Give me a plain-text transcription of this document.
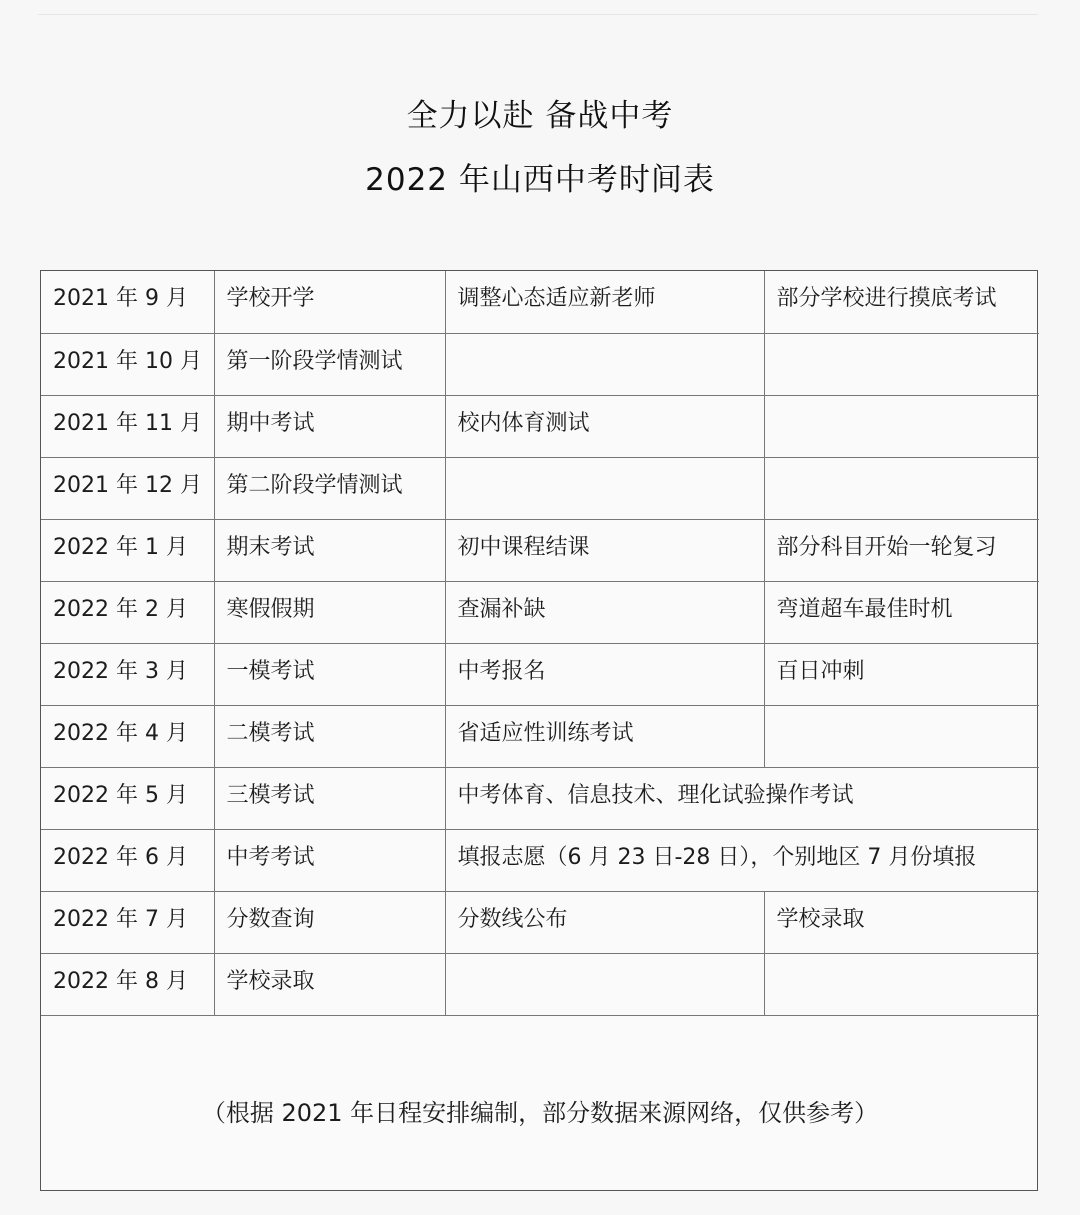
全力以赴 备战中考
2022 年山西中考时间表
2021 年 9 月	学校开学	调整心态适应新老师	部分学校进行摸底考试
2021 年 10 月	第一阶段学情测试		
2021 年 11 月	期中考试	校内体育测试	
2021 年 12 月	第二阶段学情测试		
2022 年 1 月	期末考试	初中课程结课	部分科目开始一轮复习
2022 年 2 月	寒假假期	查漏补缺	弯道超车最佳时机
2022 年 3 月	一模考试	中考报名	百日冲刺
2022 年 4 月	二模考试	省适应性训练考试	
2022 年 5 月	三模考试	中考体育、信息技术、理化试验操作考试	
2022 年 6 月	中考考试	填报志愿（6 月 23 日-28 日），个别地区 7 月份填报	
2022 年 7 月	分数查询	分数线公布	学校录取
2022 年 8 月	学校录取		
（根据 2021 年日程安排编制，部分数据来源网络，仅供参考）
